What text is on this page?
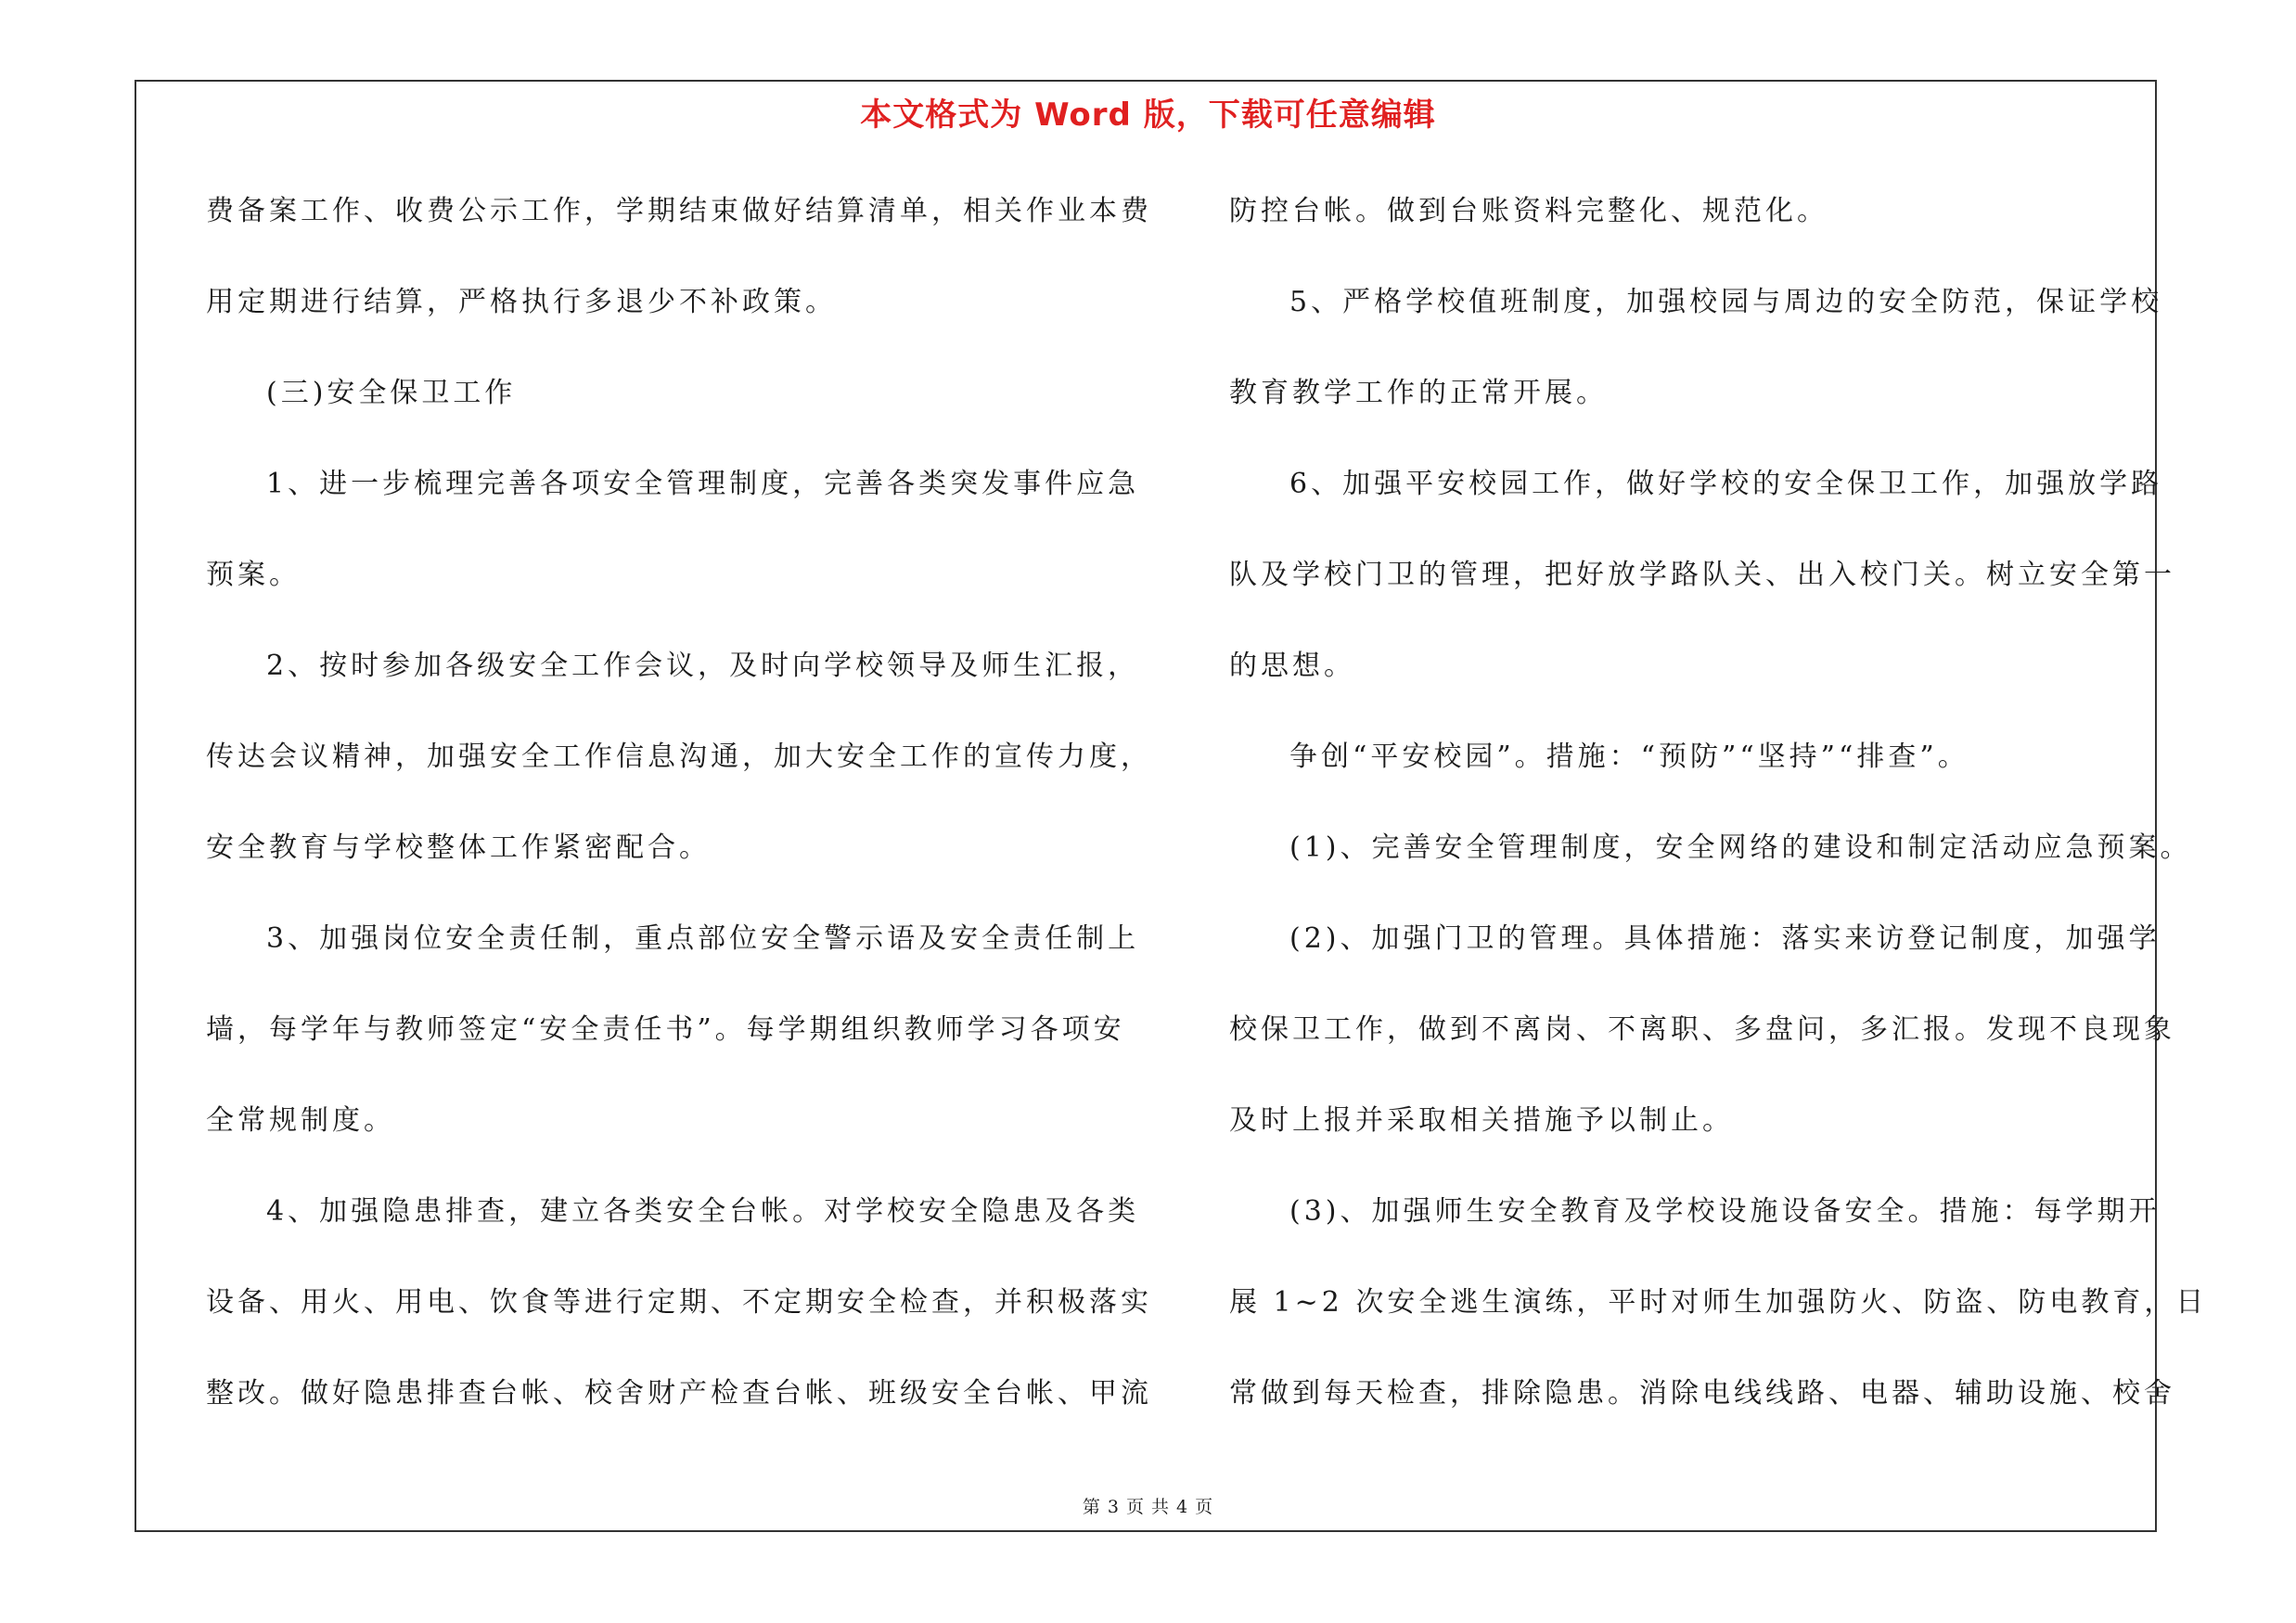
本文格式为 Word 版，下载可任意编辑
费备案工作、收费公示工作，学期结束做好结算清单，相关作业本费
用定期进行结算，严格执行多退少不补政策。
(三)安全保卫工作
1、进一步梳理完善各项安全管理制度，完善各类突发事件应急
预案。
2、按时参加各级安全工作会议，及时向学校领导及师生汇报，
传达会议精神，加强安全工作信息沟通，加大安全工作的宣传力度，
安全教育与学校整体工作紧密配合。
3、加强岗位安全责任制，重点部位安全警示语及安全责任制上
墙，每学年与教师签定“安全责任书”。每学期组织教师学习各项安
全常规制度。
4、加强隐患排查，建立各类安全台帐。对学校安全隐患及各类
设备、用火、用电、饮食等进行定期、不定期安全检查，并积极落实
整改。做好隐患排查台帐、校舍财产检查台帐、班级安全台帐、甲流
防控台帐。做到台账资料完整化、规范化。
5、严格学校值班制度，加强校园与周边的安全防范，保证学校
教育教学工作的正常开展。
6、加强平安校园工作，做好学校的安全保卫工作，加强放学路
队及学校门卫的管理，把好放学路队关、出入校门关。树立安全第一
的思想。
争创“平安校园”。措施：“预防”“坚持”“排查”。
(1)、完善安全管理制度，安全网络的建设和制定活动应急预案。
(2)、加强门卫的管理。具体措施：落实来访登记制度，加强学
校保卫工作，做到不离岗、不离职、多盘问，多汇报。发现不良现象
及时上报并采取相关措施予以制止。
(3)、加强师生安全教育及学校设施设备安全。措施：每学期开
展 1~2 次安全逃生演练，平时对师生加强防火、防盗、防电教育，日
常做到每天检查，排除隐患。消除电线线路、电器、辅助设施、校舍
第 3 页 共 4 页
